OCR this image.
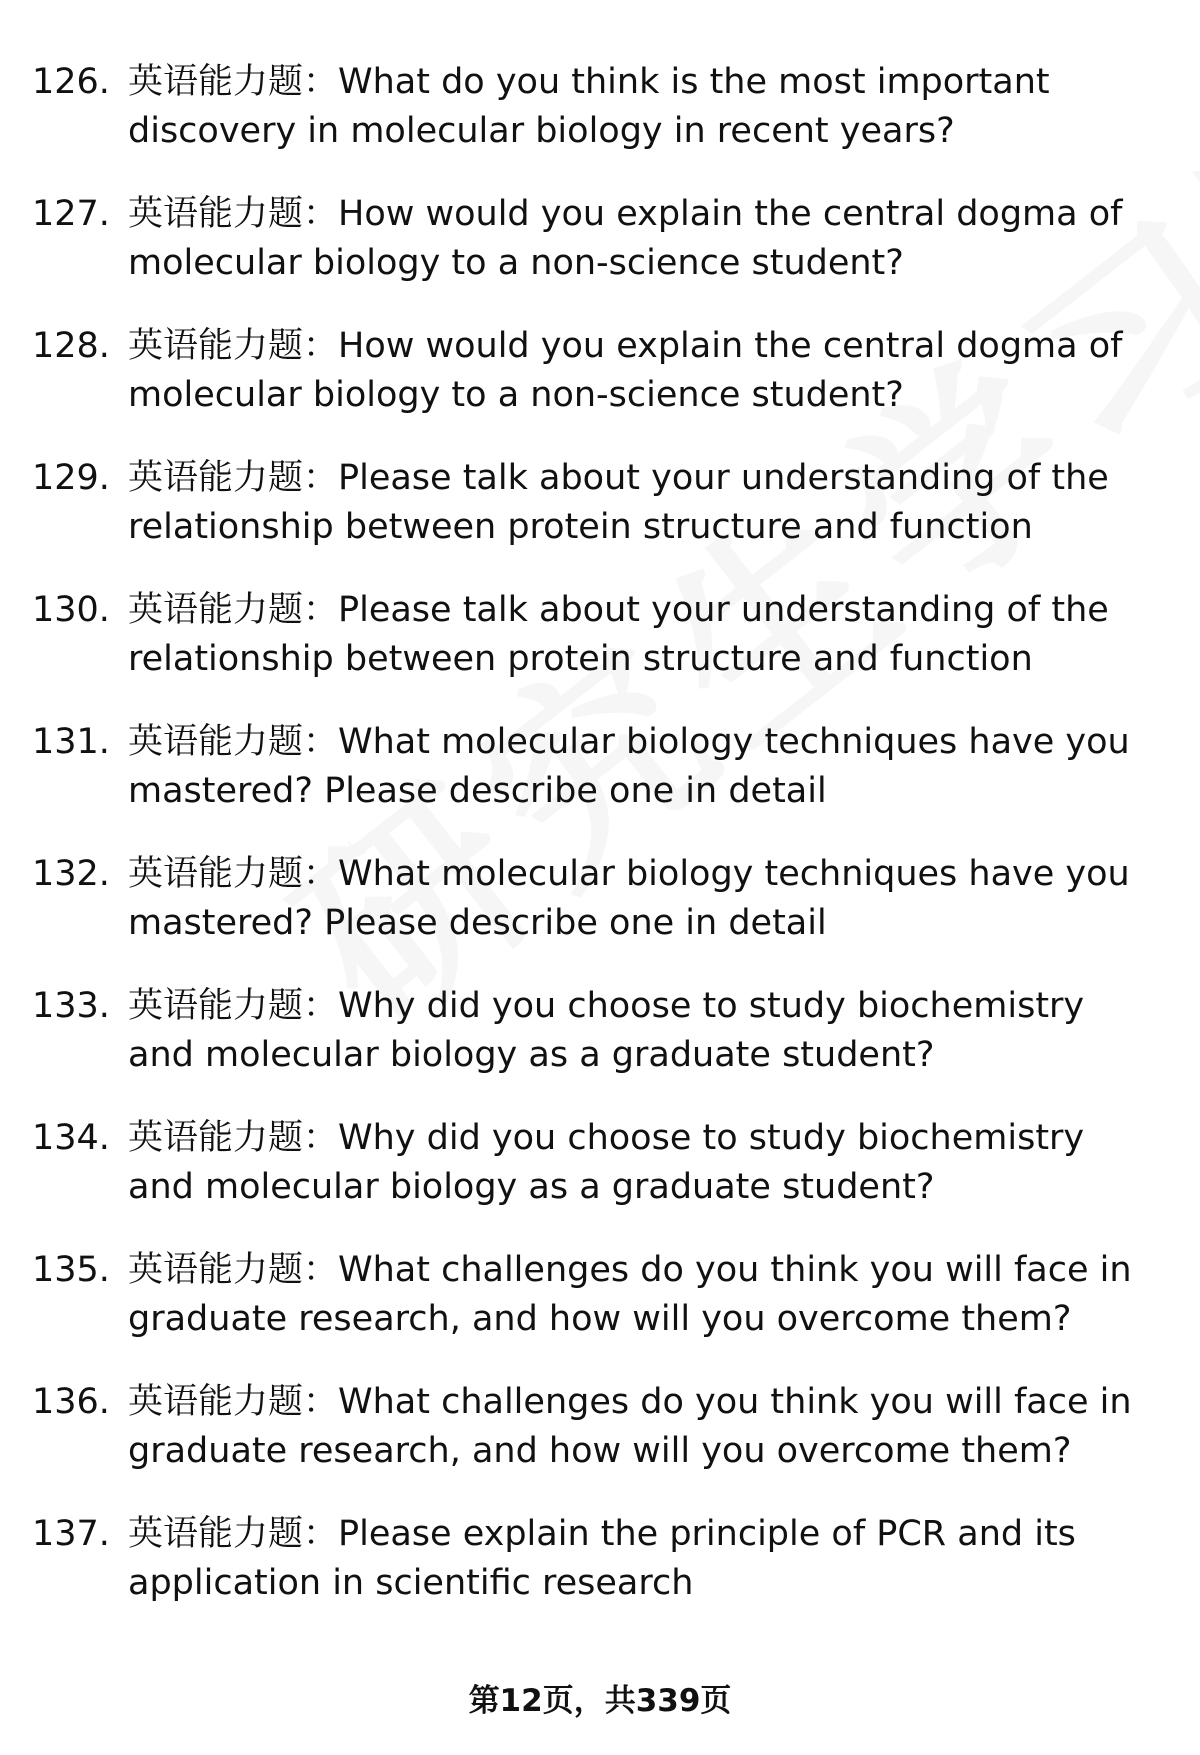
126. 英语能力题：What do you think is the most important
discovery in molecular biology in recent years?
127. 英语能力题：How would you explain the central dogma of
molecular biology to a non-science student?
128. 英语能力题：How would you explain the central dogma of
molecular biology to a non-science student?
129. 英语能力题：Please talk about your understanding of the
relationship between protein structure and function
130. 英语能力题：Please talk about your understanding of the
relationship between protein structure and function
131. 英语能力题：What molecular biology techniques have you
mastered? Please describe one in detail
132. 英语能力题：What molecular biology techniques have you
mastered? Please describe one in detail
133. 英语能力题：Why did you choose to study biochemistry
and molecular biology as a graduate student?
134. 英语能力题：Why did you choose to study biochemistry
and molecular biology as a graduate student?
135. 英语能力题：What challenges do you think you will face in
graduate research, and how will you overcome them?
136. 英语能力题：What challenges do you think you will face in
graduate research, and how will you overcome them?
137. 英语能力题：Please explain the principle of PCR and its
application in scientific research
第12页，共339页
